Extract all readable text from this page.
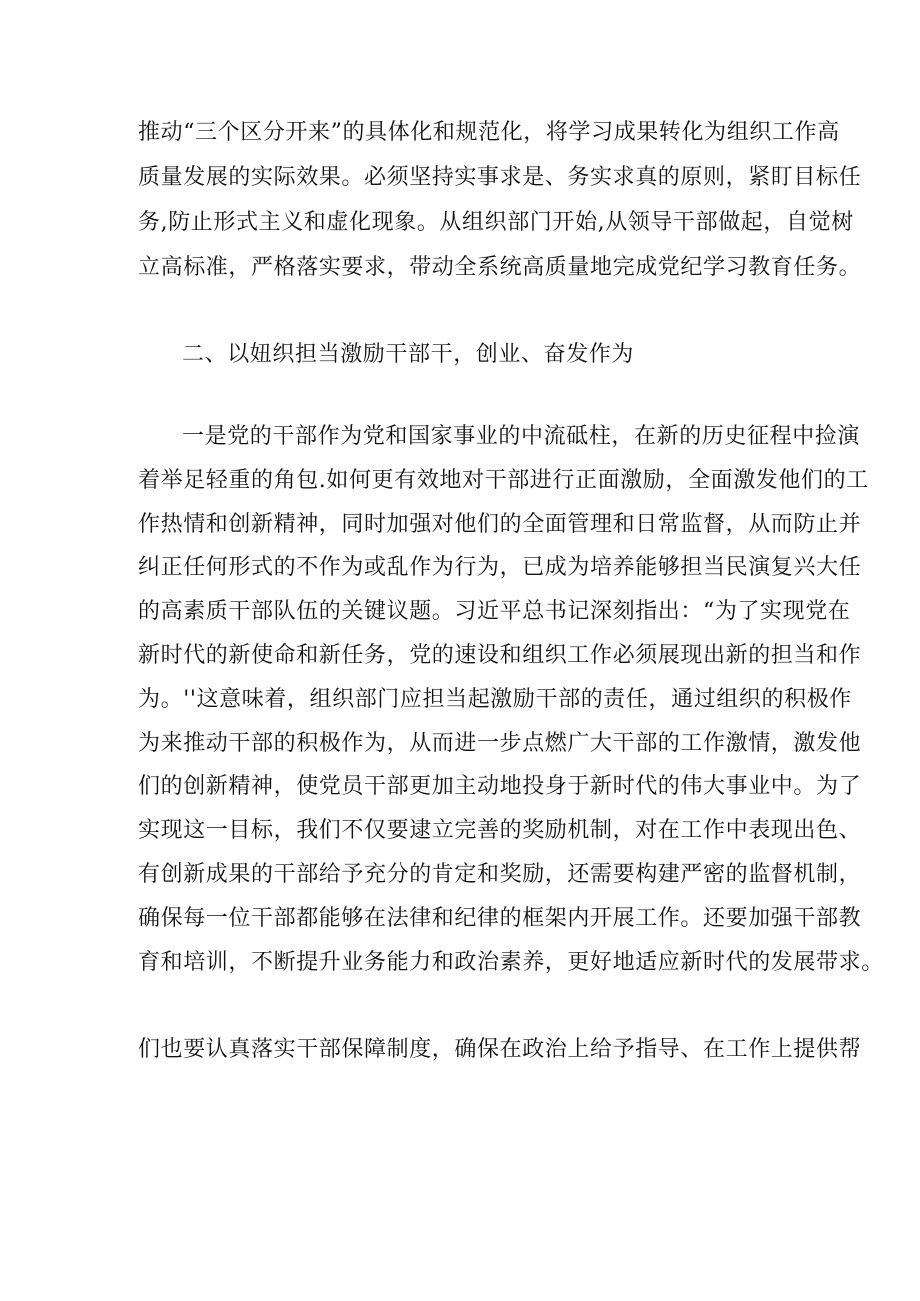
推动“三个区分开来”的具体化和规范化，将学习成果转化为组织工作高
质量发展的实际效果。必须坚持实事求是、务实求真的原则，紧盯目标任
务,防止形式主义和虚化现象。从组织部门开始,从领导干部做起，自觉树
立高标准，严格落实要求，带动全系统高质量地完成党纪学习教育任务。
二、以妞织担当激励干部干，创业、奋发作为
一是党的干部作为党和国家事业的中流砥柱，在新的历史征程中捡演
着举足轻重的角包.如何更有效地对干部进行正面激励，全面激发他们的工
作热情和创新精神，同时加强对他们的全面管理和日常监督，从而防止并
纠正任何形式的不作为或乱作为行为，已成为培养能够担当民演复兴大任
的高素质干部队伍的关键议题。习近平总书记深刻指出：“为了实现党在
新时代的新使命和新任务，党的速设和组织工作必须展现出新的担当和作
为。''这意味着，组织部门应担当起激励干部的责任，通过组织的积极作
为来推动干部的积极作为，从而进一步点燃广大干部的工作激情，激发他
们的创新精神，使党员干部更加主动地投身于新时代的伟大事业中。为了
实现这一目标，我们不仅要逮立完善的奖励机制，对在工作中表现出色、
有创新成果的干部给予充分的肯定和奖励，还需要构建严密的监督机制，
确保每一位干部都能够在法律和纪律的框架内开展工作。还要加强干部教
育和培训，不断提升业务能力和政治素养，更好地适应新时代的发展带求。
们也要认真落实干部保障制度，确保在政治上给予指导、在工作上提供帮
